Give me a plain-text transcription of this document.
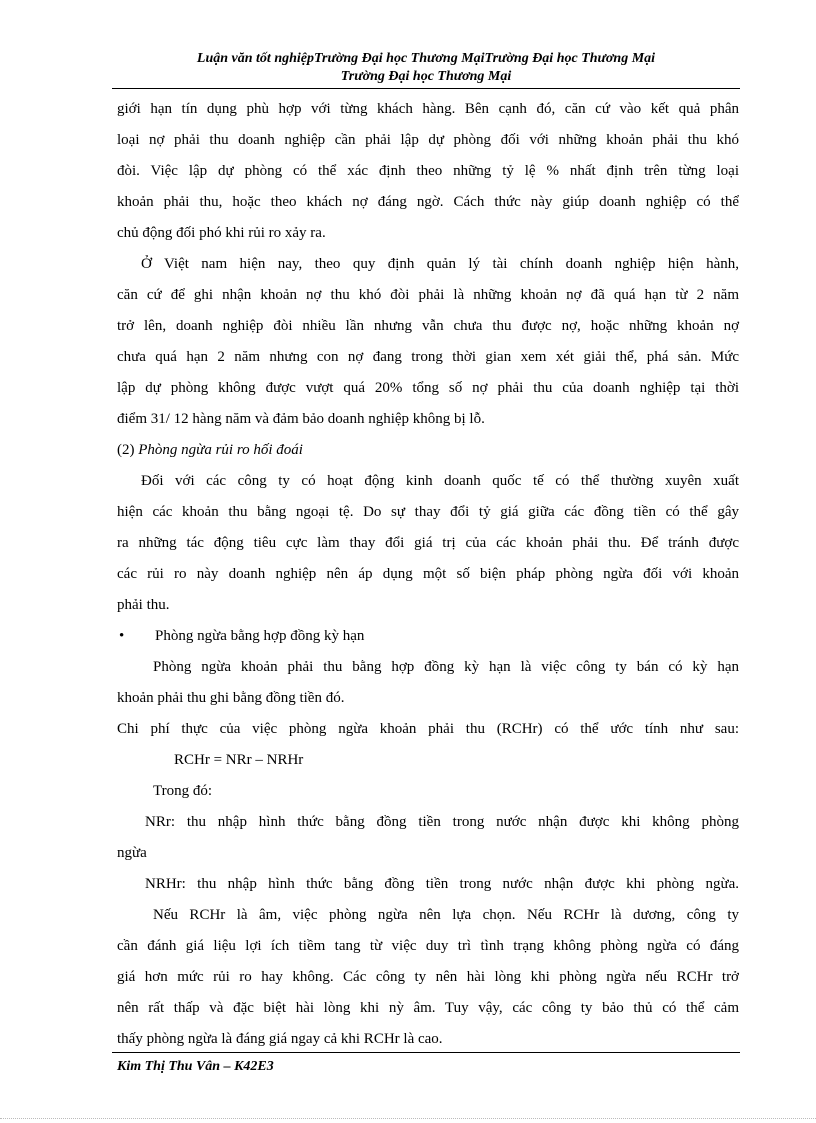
Luận văn tốt nghiệpTrường Đại học Thương MạiTrường Đại học Thương Mại
Trường Đại học Thương Mại
giới hạn tín dụng phù hợp với từng khách hàng. Bên cạnh đó, căn cứ vào kết quả phân
loại nợ phải thu doanh nghiệp cần phải lập dự phòng đối với những khoản phải thu khó
đòi. Việc lập dự phòng có thể xác định theo những tỷ lệ % nhất định trên từng loại
khoản phải thu, hoặc theo khách nợ đáng ngờ. Cách thức này giúp doanh nghiệp có thể
chủ động đối phó khi rủi ro xảy ra.
Ở Việt nam hiện nay, theo quy định quản lý tài chính doanh nghiệp hiện hành,
căn cứ để ghi nhận khoản nợ thu khó đòi phải là những khoản nợ đã quá hạn từ 2 năm
trở lên, doanh nghiệp đòi nhiều lần nhưng vẫn chưa thu được nợ, hoặc những khoản nợ
chưa quá hạn 2 năm nhưng con nợ đang trong thời gian xem xét giải thể, phá sản. Mức
lập dự phòng không được vượt quá 20% tổng số nợ phải thu của doanh nghiệp tại thời
điểm 31/ 12 hàng năm và đảm bảo doanh nghiệp không bị lỗ.
(2) Phòng ngừa rủi ro hối đoái
Đối với các công ty có hoạt động kinh doanh quốc tế có thể thường xuyên xuất
hiện các khoản thu bằng ngoại tệ. Do sự thay đổi tỷ giá giữa các đồng tiền có thể gây
ra những tác động tiêu cực làm thay đổi giá trị của các khoản phải thu. Để tránh được
các rủi ro này doanh nghiệp nên áp dụng một số biện pháp phòng ngừa đối với khoản
phải thu.
•	Phòng ngừa bằng hợp đồng kỳ hạn
Phòng ngừa khoản phải thu bằng hợp đồng kỳ hạn là việc công ty bán có kỳ hạn
khoản phải thu ghi bằng đồng tiền đó.
Chi phí thực của việc phòng ngừa khoản phải thu (RCHr) có thể ước tính như sau:
RCHr = NRr – NRHr
Trong đó:
NRr: thu nhập hình thức bằng đồng tiền trong nước nhận được khi không phòng
ngừa
NRHr: thu nhập hình thức bằng đồng tiền trong nước nhận được khi phòng ngừa.
Nếu RCHr là âm, việc phòng ngừa nên lựa chọn. Nếu RCHr là dương, công ty
cần đánh giá liệu lợi ích tiềm tang từ việc duy trì tình trạng không phòng ngừa có đáng
giá hơn mức rủi ro hay không. Các công ty nên hài lòng khi phòng ngừa nếu RCHr trở
nên rất thấp và đặc biệt hài lòng khi nỳ âm. Tuy vậy, các công ty bảo thủ có thể cảm
thấy phòng ngừa là đáng giá ngay cả khi RCHr là cao.
Kim Thị Thu Vân – K42E3
